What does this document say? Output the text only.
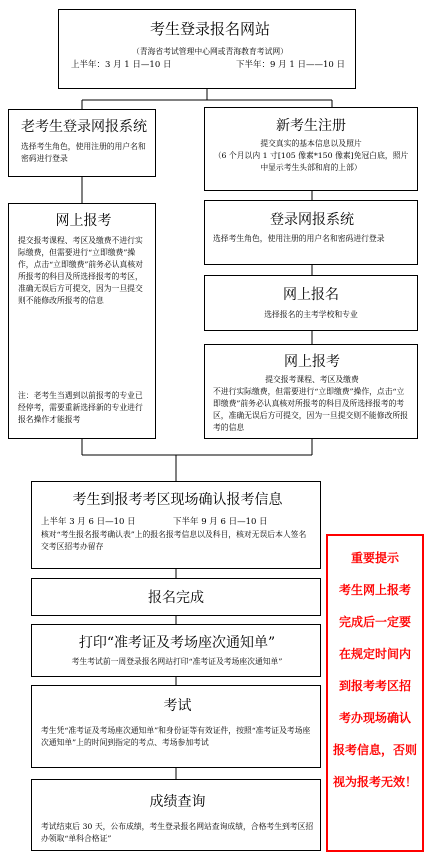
考生登录报名网站
（青海省考试管理中心网或青海教育考试网）
上半年：3 月 1 日—10 日	下半年：9 月 1 日——10 日
老考生登录网报系统
选择考生角色，使用注册的用户名和密码进行登录
新考生注册
提交真实的基本信息以及照片
（6 个月以内 1 寸[105 像素*150 像素]免冠白底，照片中显示考生头部和肩的上部）
网上报考
提交报考课程、考区及缴费不进行实际缴费，但需要进行“立即缴费”操作，点击“立即缴费”前务必认真核对所报考的科目及所选择报考的考区，准确无误后方可提交，因为一旦提交则不能修改所报考的信息
注：老考生当遇到以前报考的专业已经停考，需要重新选择新的专业进行报名操作才能报考
登录网报系统
选择考生角色，使用注册的用户名和密码进行登录
网上报名
选择报名的主考学校和专业
网上报考
提交报考课程、考区及缴费
不进行实际缴费，但需要进行“立即缴费”操作，点击“立即缴费”前务必认真核对所报考的科目及所选择报考的考区，准确无误后方可提交，因为一旦提交则不能修改所报考的信息
考生到报考考区现场确认报考信息
上半年 3 月 6 日—10 日	下半年 9 月 6 日—10 日
核对“考生报名报考确认表”上的报名报考信息以及科目，核对无误后本人签名交考区招考办留存
报名完成
打印“准考证及考场座次通知单”
考生考试前一周登录报名网站打印“准考证及考场座次通知单”
考试
考生凭“准考证及考场座次通知单”和身份证等有效证件，按照“准考证及考场座次通知单”上的时间到指定的考点、考场参加考试
成绩查询
考试结束后 30 天，公布成绩，考生登录报名网站查询成绩，合格考生到考区招办领取“单科合格证”
重要提示
考生网上报考
完成后一定要
在规定时间内
到报考考区招
考办现场确认
报考信息，否则
视为报考无效！
